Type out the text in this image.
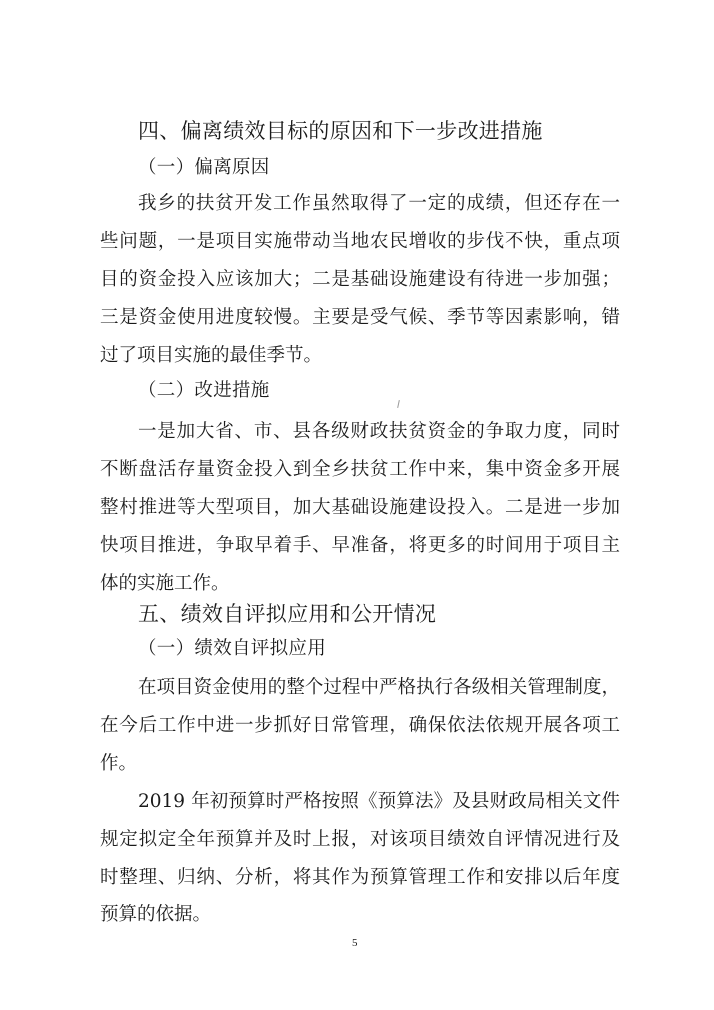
四、偏离绩效目标的原因和下一步改进措施
（一）偏离原因
我乡的扶贫开发工作虽然取得了一定的成绩，但还存在一
些问题，一是项目实施带动当地农民增收的步伐不快，重点项
目的资金投入应该加大；二是基础设施建设有待进一步加强；
三是资金使用进度较慢。主要是受气候、季节等因素影响，错
过了项目实施的最佳季节。
（二）改进措施
一是加大省、市、县各级财政扶贫资金的争取力度，同时
不断盘活存量资金投入到全乡扶贫工作中来，集中资金多开展
整村推进等大型项目，加大基础设施建设投入。二是进一步加
快项目推进，争取早着手、早准备，将更多的时间用于项目主
体的实施工作。
五、绩效自评拟应用和公开情况
（一）绩效自评拟应用
在项目资金使用的整个过程中严格执行各级相关管理制度，
在今后工作中进一步抓好日常管理，确保依法依规开展各项工
作。
2019 年初预算时严格按照《预算法》及县财政局相关文件
规定拟定全年预算并及时上报，对该项目绩效自评情况进行及
时整理、归纳、分析，将其作为预算管理工作和安排以后年度
预算的依据。
5
